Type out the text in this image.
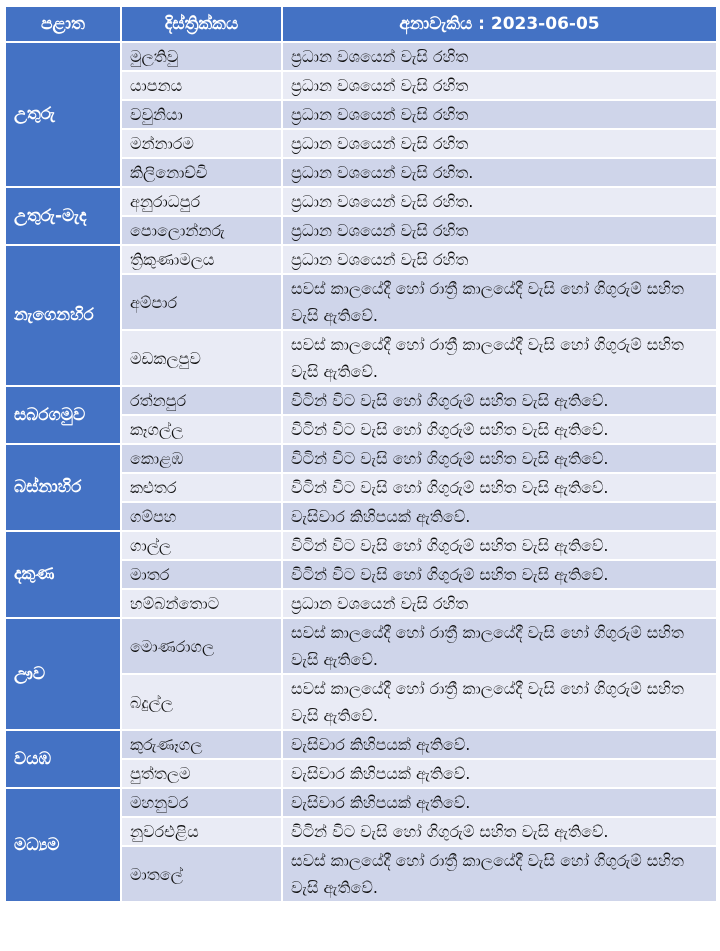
පළාත	දිස්ත්‍රික්කය	අනාවැකිය : 2023-06-05
උතුරු	මුලතිවු	ප්‍රධාන වශයෙන් වැසි රහිත
	යාපනය	ප්‍රධාන වශයෙන් වැසි රහිත
	වවුනියා	ප්‍රධාන වශයෙන් වැසි රහිත
	මන්නාරම	ප්‍රධාන වශයෙන් වැසි රහිත
	කිලිනොච්චි	ප්‍රධාන වශයෙන් වැසි රහිත.
උතුරු-මැද	අනුරාධපුර	ප්‍රධාන වශයෙන් වැසි රහිත.
	පොලොන්නරු	ප්‍රධාන වශයෙන් වැසි රහිත
නැගෙනහිර	ත්‍රිකුණාමලය	ප්‍රධාන වශයෙන් වැසි රහිත
	අම්පාර	සවස් කාලයේදී හෝ රාත්‍රී කාලයේදී වැසි හෝ ගිගුරුම් සහිත වැසි ඇතිවේ.
	මඩකලපුව	සවස් කාලයේදී හෝ රාත්‍රී කාලයේදී වැසි හෝ ගිගුරුම් සහිත වැසි ඇතිවේ.
සබරගමුව	රත්නපුර	විටින් විට වැසි හෝ ගිගුරුම් සහිත වැසි ඇතිවේ.
	කෑගල්ල	විටින් විට වැසි හෝ ගිගුරුම් සහිත වැසි ඇතිවේ.
බස්නාහිර	කොළඹ	විටින් විට වැසි හෝ ගිගුරුම් සහිත වැසි ඇතිවේ.
	කළුතර	විටින් විට වැසි හෝ ගිගුරුම් සහිත වැසි ඇතිවේ.
	ගම්පහ	වැසිවාර කිහිපයක් ඇතිවේ.
දකුණ	ගාල්ල	විටින් විට වැසි හෝ ගිගුරුම් සහිත වැසි ඇතිවේ.
	මාතර	විටින් විට වැසි හෝ ගිගුරුම් සහිත වැසි ඇතිවේ.
	හම්බන්තොට	ප්‍රධාන වශයෙන් වැසි රහිත
ඌව	මොණරාගල	සවස් කාලයේදී හෝ රාත්‍රී කාලයේදී වැසි හෝ ගිගුරුම් සහිත වැසි ඇතිවේ.
	බදුල්ල	සවස් කාලයේදී හෝ රාත්‍රී කාලයේදී වැසි හෝ ගිගුරුම් සහිත වැසි ඇතිවේ.
වයඹ	කුරුණෑගල	වැසිවාර කිහිපයක් ඇතිවේ.
	පුත්තලම	වැසිවාර කිහිපයක් ඇතිවේ.
මධ්‍යම	මහනුවර	වැසිවාර කිහිපයක් ඇතිවේ.
	නුවරඑළිය	විටින් විට වැසි හෝ ගිගුරුම් සහිත වැසි ඇතිවේ.
	මාතලේ	සවස් කාලයේදී හෝ රාත්‍රී කාලයේදී වැසි හෝ ගිගුරුම් සහිත වැසි ඇතිවේ.
